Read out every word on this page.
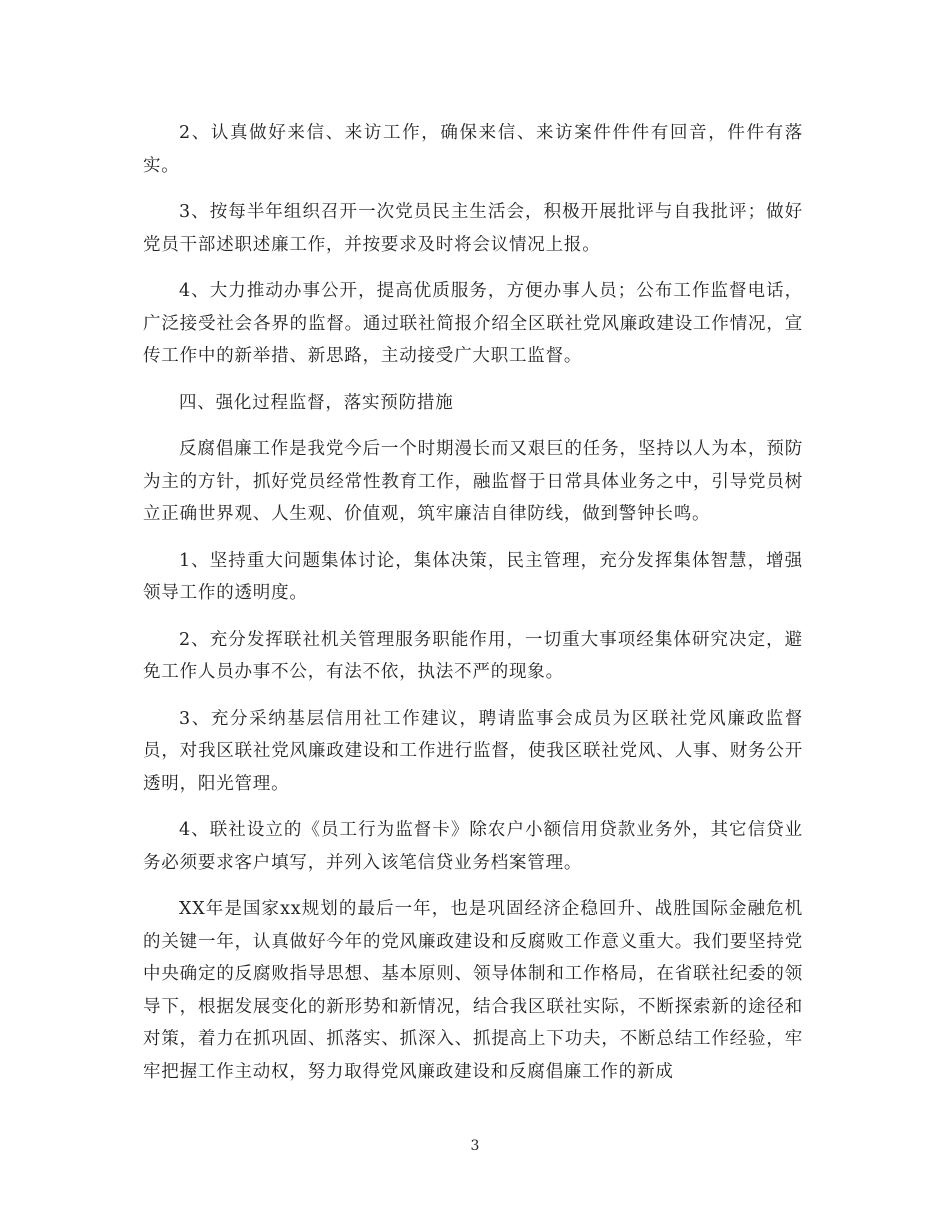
2、认真做好来信、来访工作，确保来信、来访案件件件有回音，件件有落实。

3、按每半年组织召开一次党员民主生活会，积极开展批评与自我批评；做好党员干部述职述廉工作，并按要求及时将会议情况上报。

4、大力推动办事公开，提高优质服务，方便办事人员；公布工作监督电话，广泛接受社会各界的监督。通过联社简报介绍全区联社党风廉政建设工作情况，宣传工作中的新举措、新思路，主动接受广大职工监督。

四、强化过程监督，落实预防措施

反腐倡廉工作是我党今后一个时期漫长而又艰巨的任务，坚持以人为本，预防为主的方针，抓好党员经常性教育工作，融监督于日常具体业务之中，引导党员树立正确世界观、人生观、价值观，筑牢廉洁自律防线，做到警钟长鸣。

1、坚持重大问题集体讨论，集体决策，民主管理，充分发挥集体智慧，增强领导工作的透明度。

2、充分发挥联社机关管理服务职能作用，一切重大事项经集体研究决定，避免工作人员办事不公，有法不依，执法不严的现象。

3、充分采纳基层信用社工作建议，聘请监事会成员为区联社党风廉政监督员，对我区联社党风廉政建设和工作进行监督，使我区联社党风、人事、财务公开透明，阳光管理。

4、联社设立的《员工行为监督卡》除农户小额信用贷款业务外，其它信贷业务必须要求客户填写，并列入该笔信贷业务档案管理。

XX年是国家xx规划的最后一年，也是巩固经济企稳回升、战胜国际金融危机的关键一年，认真做好今年的党风廉政建设和反腐败工作意义重大。我们要坚持党中央确定的反腐败指导思想、基本原则、领导体制和工作格局，在省联社纪委的领导下，根据发展变化的新形势和新情况，结合我区联社实际，不断探索新的途径和对策，着力在抓巩固、抓落实、抓深入、抓提高上下功夫，不断总结工作经验，牢牢把握工作主动权，努力取得党风廉政建设和反腐倡廉工作的新成

3
